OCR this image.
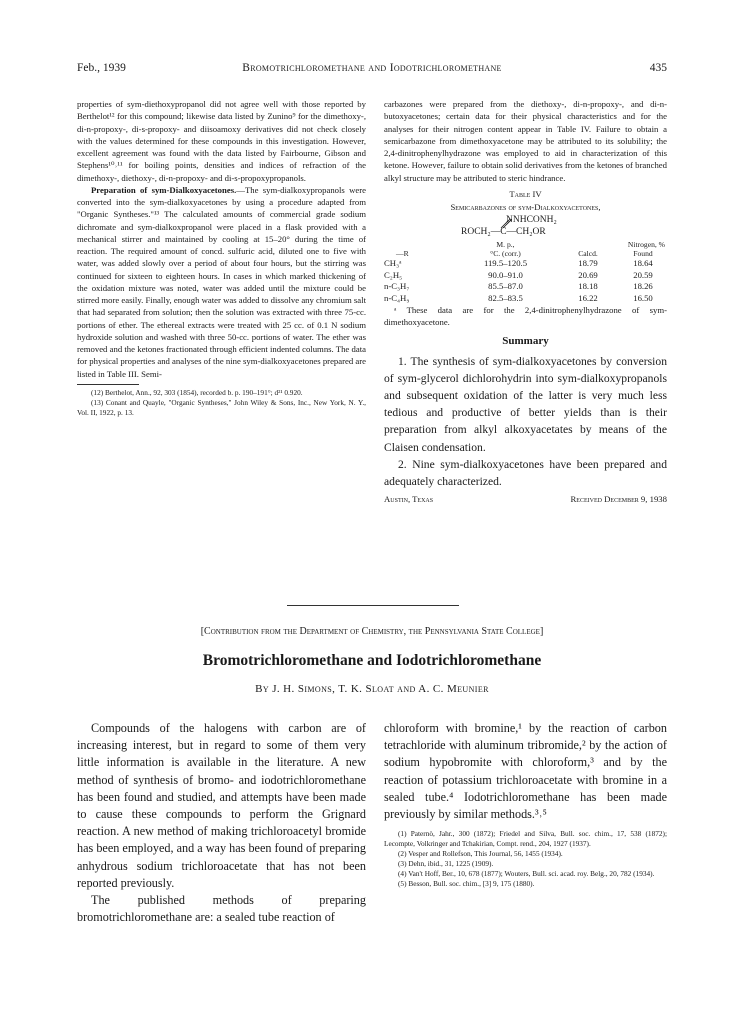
Feb., 1939	Bromotrichloromethane and Iodotrichloromethane	435

properties of sym-diethoxypropanol did not agree well with those reported by Berthelot¹² for this compound; likewise data listed by Zunino⁹ for the dimethoxy-, di-n-propoxy-, di-s-propoxy- and diisoamoxy derivatives did not check closely with the values determined for these compounds in this investigation. However, excellent agreement was found with the data listed by Fairbourne, Gibson and Stephens¹⁰˒¹¹ for boiling points, densities and indices of refraction of the dimethoxy-, diethoxy-, di-n-propoxy- and di-s-propoxypropanols.

Preparation of sym-Dialkoxyacetones.—The sym-dialkoxypropanols were converted into the sym-dialkoxyacetones by using a procedure adapted from "Organic Syntheses."¹³ The calculated amounts of commercial grade sodium dichromate and sym-dialkoxpropanol were placed in a flask provided with a mechanical stirrer and maintained by cooling at 15–20° during the time of reaction. The required amount of concd. sulfuric acid, diluted one to five with water, was added slowly over a period of about four hours, but the stirring was continued for sixteen to eighteen hours. In cases in which marked thickening of the oxidation mixture was noted, water was added until the mixture could be stirred more easily. Finally, enough water was added to dissolve any chromium salt that had separated from solution; then the solution was extracted with three 75-cc. portions of ether. The ethereal extracts were treated with 25 cc. of 0.1 N sodium hydroxide solution and washed with three 50-cc. portions of water. The ether was removed and the ketones fractionated through efficient indented columns. The data for physical properties and analyses of the nine sym-dialkoxyacetones prepared are listed in Table III. Semi-

(12) Berthelot, Ann., 92, 303 (1854), recorded b. p. 190–191°; d²¹ 0.920.

(13) Conant and Quayle, "Organic Syntheses," John Wiley & Sons, Inc., New York, N. Y., Vol. II, 1922, p. 13.

carbazones were prepared from the diethoxy-, di-n-propoxy-, and di-n-butoxyacetones; certain data for their physical characteristics and for the analyses for their nitrogen content appear in Table IV. Failure to obtain a semicarbazone from dimethoxyacetone may be attributed to its solubility; the 2,4-dinitrophenylhydrazone was employed to aid in characterization of this ketone. However, failure to obtain solid derivatives from the ketones of branched alkyl structure may be attributed to steric hindrance.

Table IV
Semicarbazones of sym-Dialkoxyacetones,
NNHCONH₂
ROCH₂—C—CH₂OR
	M. p.,	Nitrogen, %	
—R	°C. (corr.)	Calcd.	Found
CH₃ᵃ	119.5–120.5	18.79	18.64
C₂H₅	90.0–91.0	20.69	20.59
n-C₃H₇	85.5–87.0	18.18	18.26
n-C₄H₉	82.5–83.5	16.22	16.50

ᵃ These data are for the 2,4-dinitrophenylhydrazone of sym-dimethoxyacetone.

Summary

1. The synthesis of sym-dialkoxyacetones by conversion of sym-glycerol dichlorohydrin into sym-dialkoxypropanols and subsequent oxidation of the latter is very much less tedious and productive of better yields than is their preparation from alkyl alkoxyacetates by means of the Claisen condensation.

2. Nine sym-dialkoxyacetones have been prepared and adequately characterized.

Austin, Texas	Received December 9, 1938
[Contribution from the Department of Chemistry, the Pennsylvania State College]
Bromotrichloromethane and Iodotrichloromethane
By J. H. Simons, T. K. Sloat and A. C. Meunier

Compounds of the halogens with carbon are of increasing interest, but in regard to some of them very little information is available in the literature. A new method of synthesis of bromo- and iodotrichloromethane has been found and studied, and attempts have been made to cause these compounds to perform the Grignard reaction. A new method of making trichloroacetyl bromide has been employed, and a way has been found of preparing anhydrous sodium trichloroacetate that has not been reported previously.

The published methods of preparing bromotrichloromethane are: a sealed tube reaction of

chloroform with bromine,¹ by the reaction of carbon tetrachloride with aluminum tribromide,² by the action of sodium hypobromite with chloroform,³ and by the reaction of potassium trichloroacetate with bromine in a sealed tube.⁴ Iodotrichloromethane has been made previously by similar methods.³˒⁵

(1) Paternò, Jahr., 300 (1872); Friedel and Silva, Bull. soc. chim., 17, 538 (1872); Lecompte, Volkringer and Tchakirian, Compt. rend., 204, 1927 (1937).

(2) Vesper and Rollefson, This Journal, 56, 1455 (1934).

(3) Dehn, ibid., 31, 1225 (1909).

(4) Van't Hoff, Ber., 10, 678 (1877); Wouters, Bull. sci. acad. roy. Belg., 20, 782 (1934).

(5) Besson, Bull. soc. chim., [3] 9, 175 (1880).
